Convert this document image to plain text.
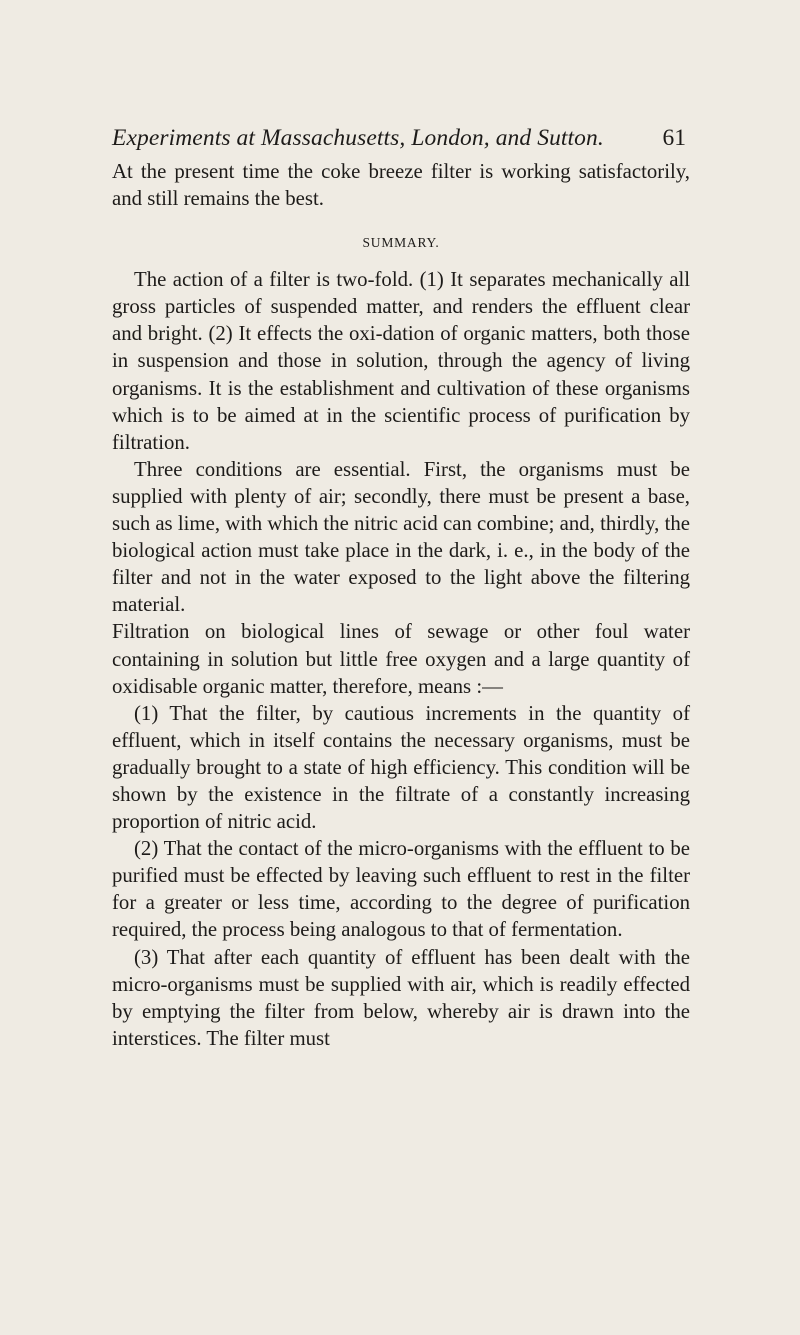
Experiments at Massachusetts, London, and Sutton. 61

At the present time the coke breeze filter is working satisfactorily, and still remains the best.

SUMMARY.

The action of a filter is two-fold. (1) It separates mechanically all gross particles of suspended matter, and renders the effluent clear and bright. (2) It effects the oxi-dation of organic matters, both those in suspension and those in solution, through the agency of living organisms. It is the establishment and cultivation of these organisms which is to be aimed at in the scientific process of purification by filtration.

Three conditions are essential. First, the organisms must be supplied with plenty of air; secondly, there must be present a base, such as lime, with which the nitric acid can combine; and, thirdly, the biological action must take place in the dark, i. e., in the body of the filter and not in the water exposed to the light above the filtering material.

Filtration on biological lines of sewage or other foul water containing in solution but little free oxygen and a large quantity of oxidisable organic matter, therefore, means :—

(1) That the filter, by cautious increments in the quantity of effluent, which in itself contains the necessary organisms, must be gradually brought to a state of high efficiency. This condition will be shown by the existence in the filtrate of a constantly increasing proportion of nitric acid.

(2) That the contact of the micro-organisms with the effluent to be purified must be effected by leaving such effluent to rest in the filter for a greater or less time, according to the degree of purification required, the process being analogous to that of fermentation.

(3) That after each quantity of effluent has been dealt with the micro-organisms must be supplied with air, which is readily effected by emptying the filter from below, whereby air is drawn into the interstices. The filter must
